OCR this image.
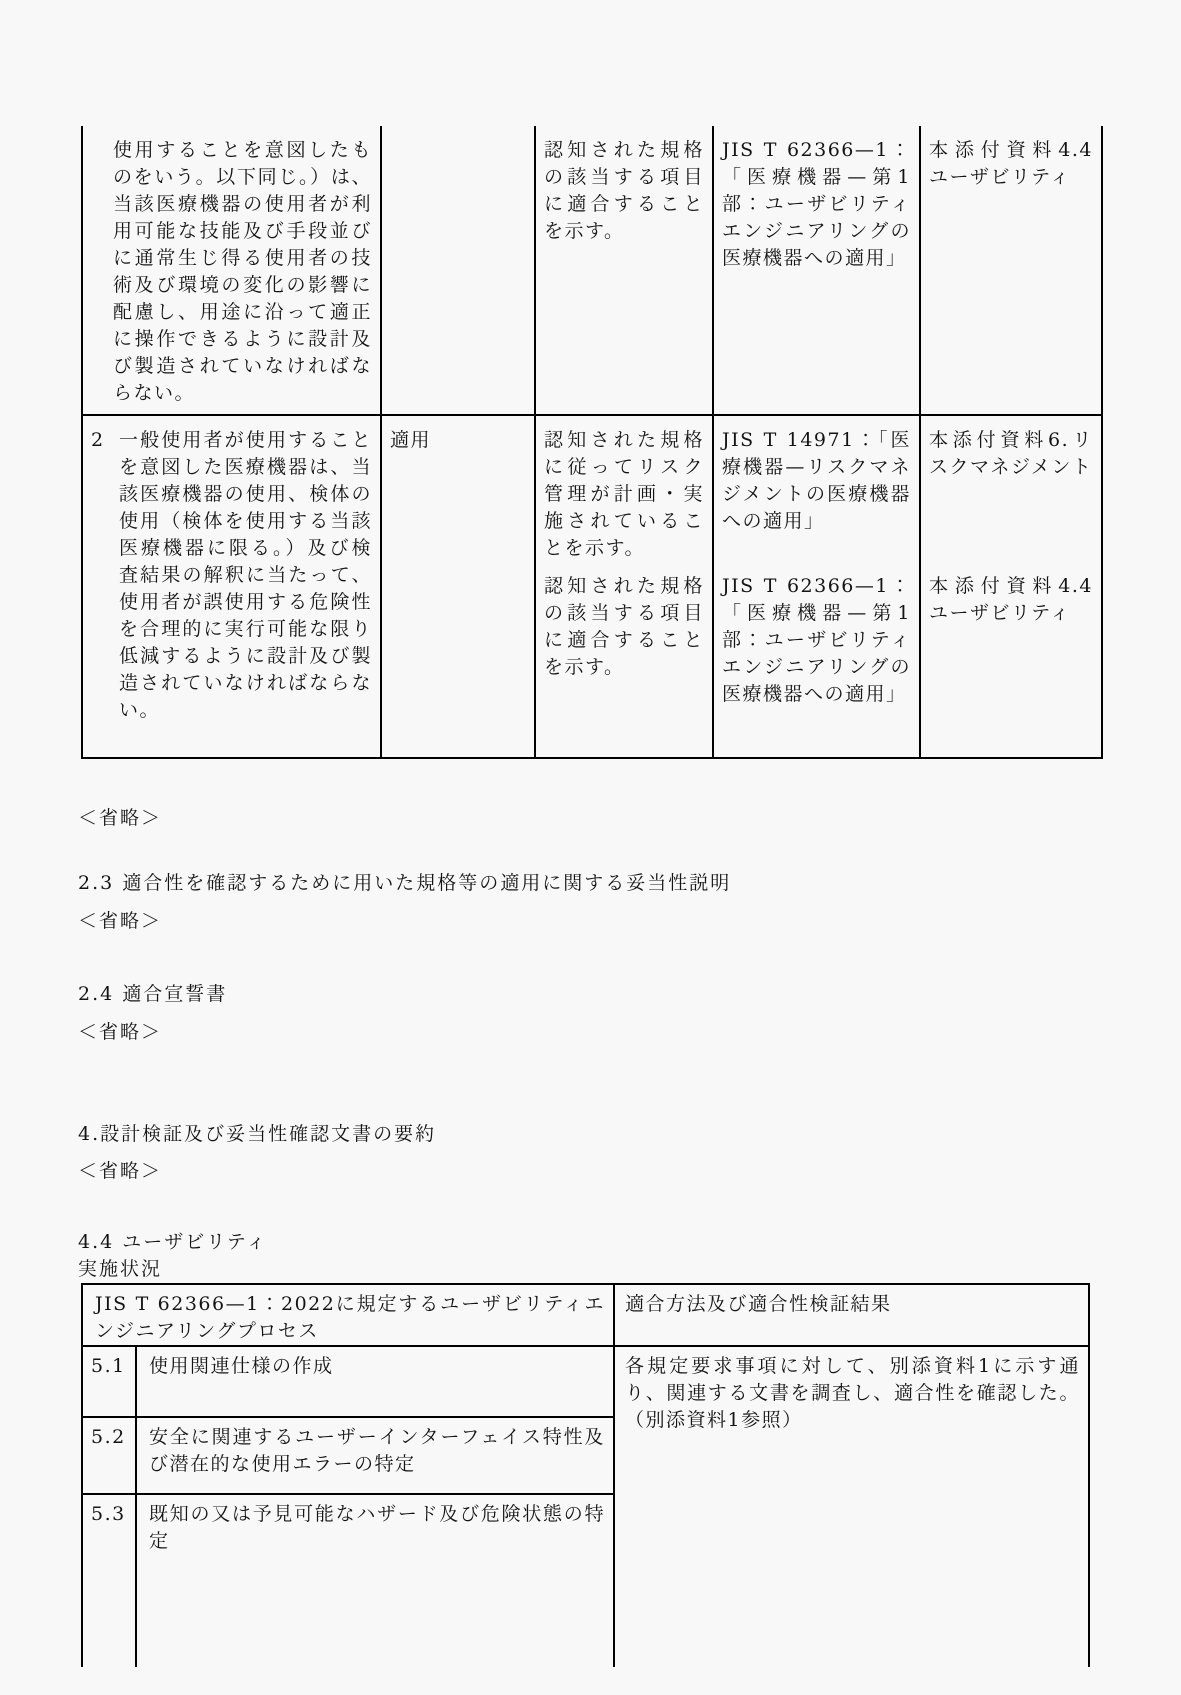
使用することを意図したものをいう。以下同じ。）は、当該医療機器の使用者が利用可能な技能及び手段並びに通常生じ得る使用者の技術及び環境の変化の影響に配慮し、用途に沿って適正に操作できるように設計及び製造されていなければならない。		認知された規格の該当する項目に適合することを示す。	JIS T 62366—1：「医療機器—第1部：ユーザビリティエンジニアリングの医療機器への適用」	本添付資料4.4 ユーザビリティ

2 一般使用者が使用することを意図した医療機器は、当該医療機器の使用、検体の使用（検体を使用する当該医療機器に限る。）及び検査結果の解釈に当たって、使用者が誤使用する危険性を合理的に実行可能な限り低減するように設計及び製造されていなければならない。	適用	認知された規格に従ってリスク管理が計画・実施されていることを示す。	JIS T 14971：「医療機器—リスクマネジメントの医療機器への適用」	本添付資料6.リスクマネジメント

		認知された規格の該当する項目に適合することを示す。	JIS T 62366—1：「医療機器—第1部：ユーザビリティエンジニアリングの医療機器への適用」	本添付資料4.4 ユーザビリティ

＜省略＞
2.3 適合性を確認するために用いた規格等の適用に関する妥当性説明
＜省略＞
2.4 適合宣誓書
＜省略＞
4.設計検証及び妥当性確認文書の要約
＜省略＞
4.4 ユーザビリティ
実施状況

JIS T 62366—1：2022に規定するユーザビリティエンジニアリングプロセス		適合方法及び適合性検証結果

5.1	使用関連仕様の作成	各規定要求事項に対して、別添資料1に示す通り、関連する文書を調査し、適合性を確認した。（別添資料1参照）

5.2	安全に関連するユーザーインターフェイス特性及び潜在的な使用エラーの特定	

5.3	既知の又は予見可能なハザード及び危険状態の特定	
